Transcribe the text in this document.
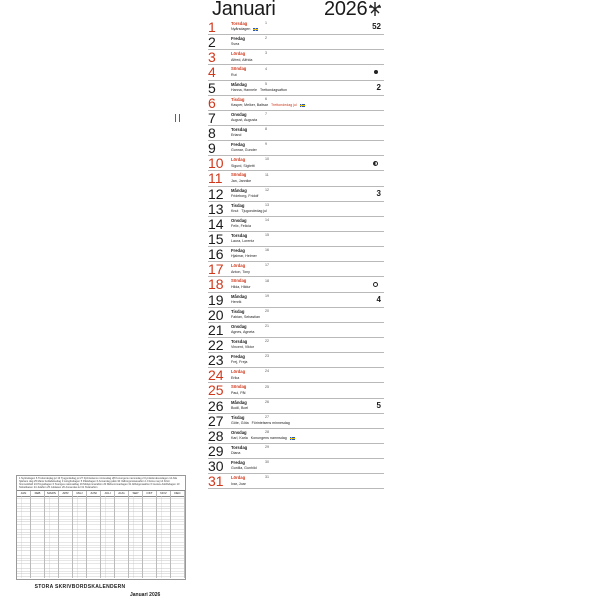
Januari 2026
1	Torsdag	1
Nyårsdagen	52
2	Fredag	2
Svea
3	Lördag	3
Alfred, Alfrida
4	Söndag	4
Rut
5	Måndag	5
Hanna, Hannele Trettondagsafton	2
6	Tisdag	6
Kasper, Melker, Baltsar Trettondedag jul
7	Onsdag	7
August, Augusta
8	Torsdag	8
Erland
9	Fredag	9
Gunnar, Gunder
10	Lördag	10
Sigurd, Sigbritt
11	Söndag	11
Jan, Jannike
12	Måndag	12
Frideborg, Fridolf	3
13	Tisdag	13
Knut Tjugondedag jul
14	Onsdag	14
Felix, Felicia
15	Torsdag	15
Laura, Lorentz
16	Fredag	16
Hjalmar, Helmer
17	Lördag	17
Anton, Tony
18	Söndag	18
Hilda, Hildur
19	Måndag	19
Henrik	4
20	Tisdag	20
Fabian, Sebastian
21	Onsdag	21
Agnes, Agneta
22	Torsdag	22
Vincent, Viktor
23	Fredag	23
Frej, Freja
24	Lördag	24
Erika
25	Söndag	25
Paul, Pål
26	Måndag	26
Bodil, Boel	5
27	Tisdag	27
Göte, Göta Förintelsens minnesdag
28	Onsdag	28
Karl, Karla Konungens namnsdag
29	Torsdag	29
Diana
30	Fredag	30
Gunilla, Gunhild
31	Lördag	31
Ivar, Joar
1 Nyårsdagen 6 Trettondedag jul 13 Tjugondedag jul 27 Förintelsens minnesdag 28 Konungens namnsdag 2 Kyndelsmässodagen 14 Alla hjärtans dag 25 Marie bebådelsedag 3 Långfredagen 5 Påskdagen 6 Annandag påsk 30 Valborgsmässoafton 1 Första maj 14 Kristi himmelsfärd 24 Pingstdagen 6 Sveriges nationaldag 19 Midsommarafton 20 Midsommardagen 31 Allhelgonaafton 6 Gustav Adolfsdagen 10 Nobeldagen 24 Julafton 25 Juldagen 26 Annandag jul 31 Nyårsafton
JAN	FEB	MARS	APR	MAJ	JUNI	JULI	AUG	SEP	OKT	NOV	DEC
STORA SKRIVBORDSKALENDERN
Januari 2026
